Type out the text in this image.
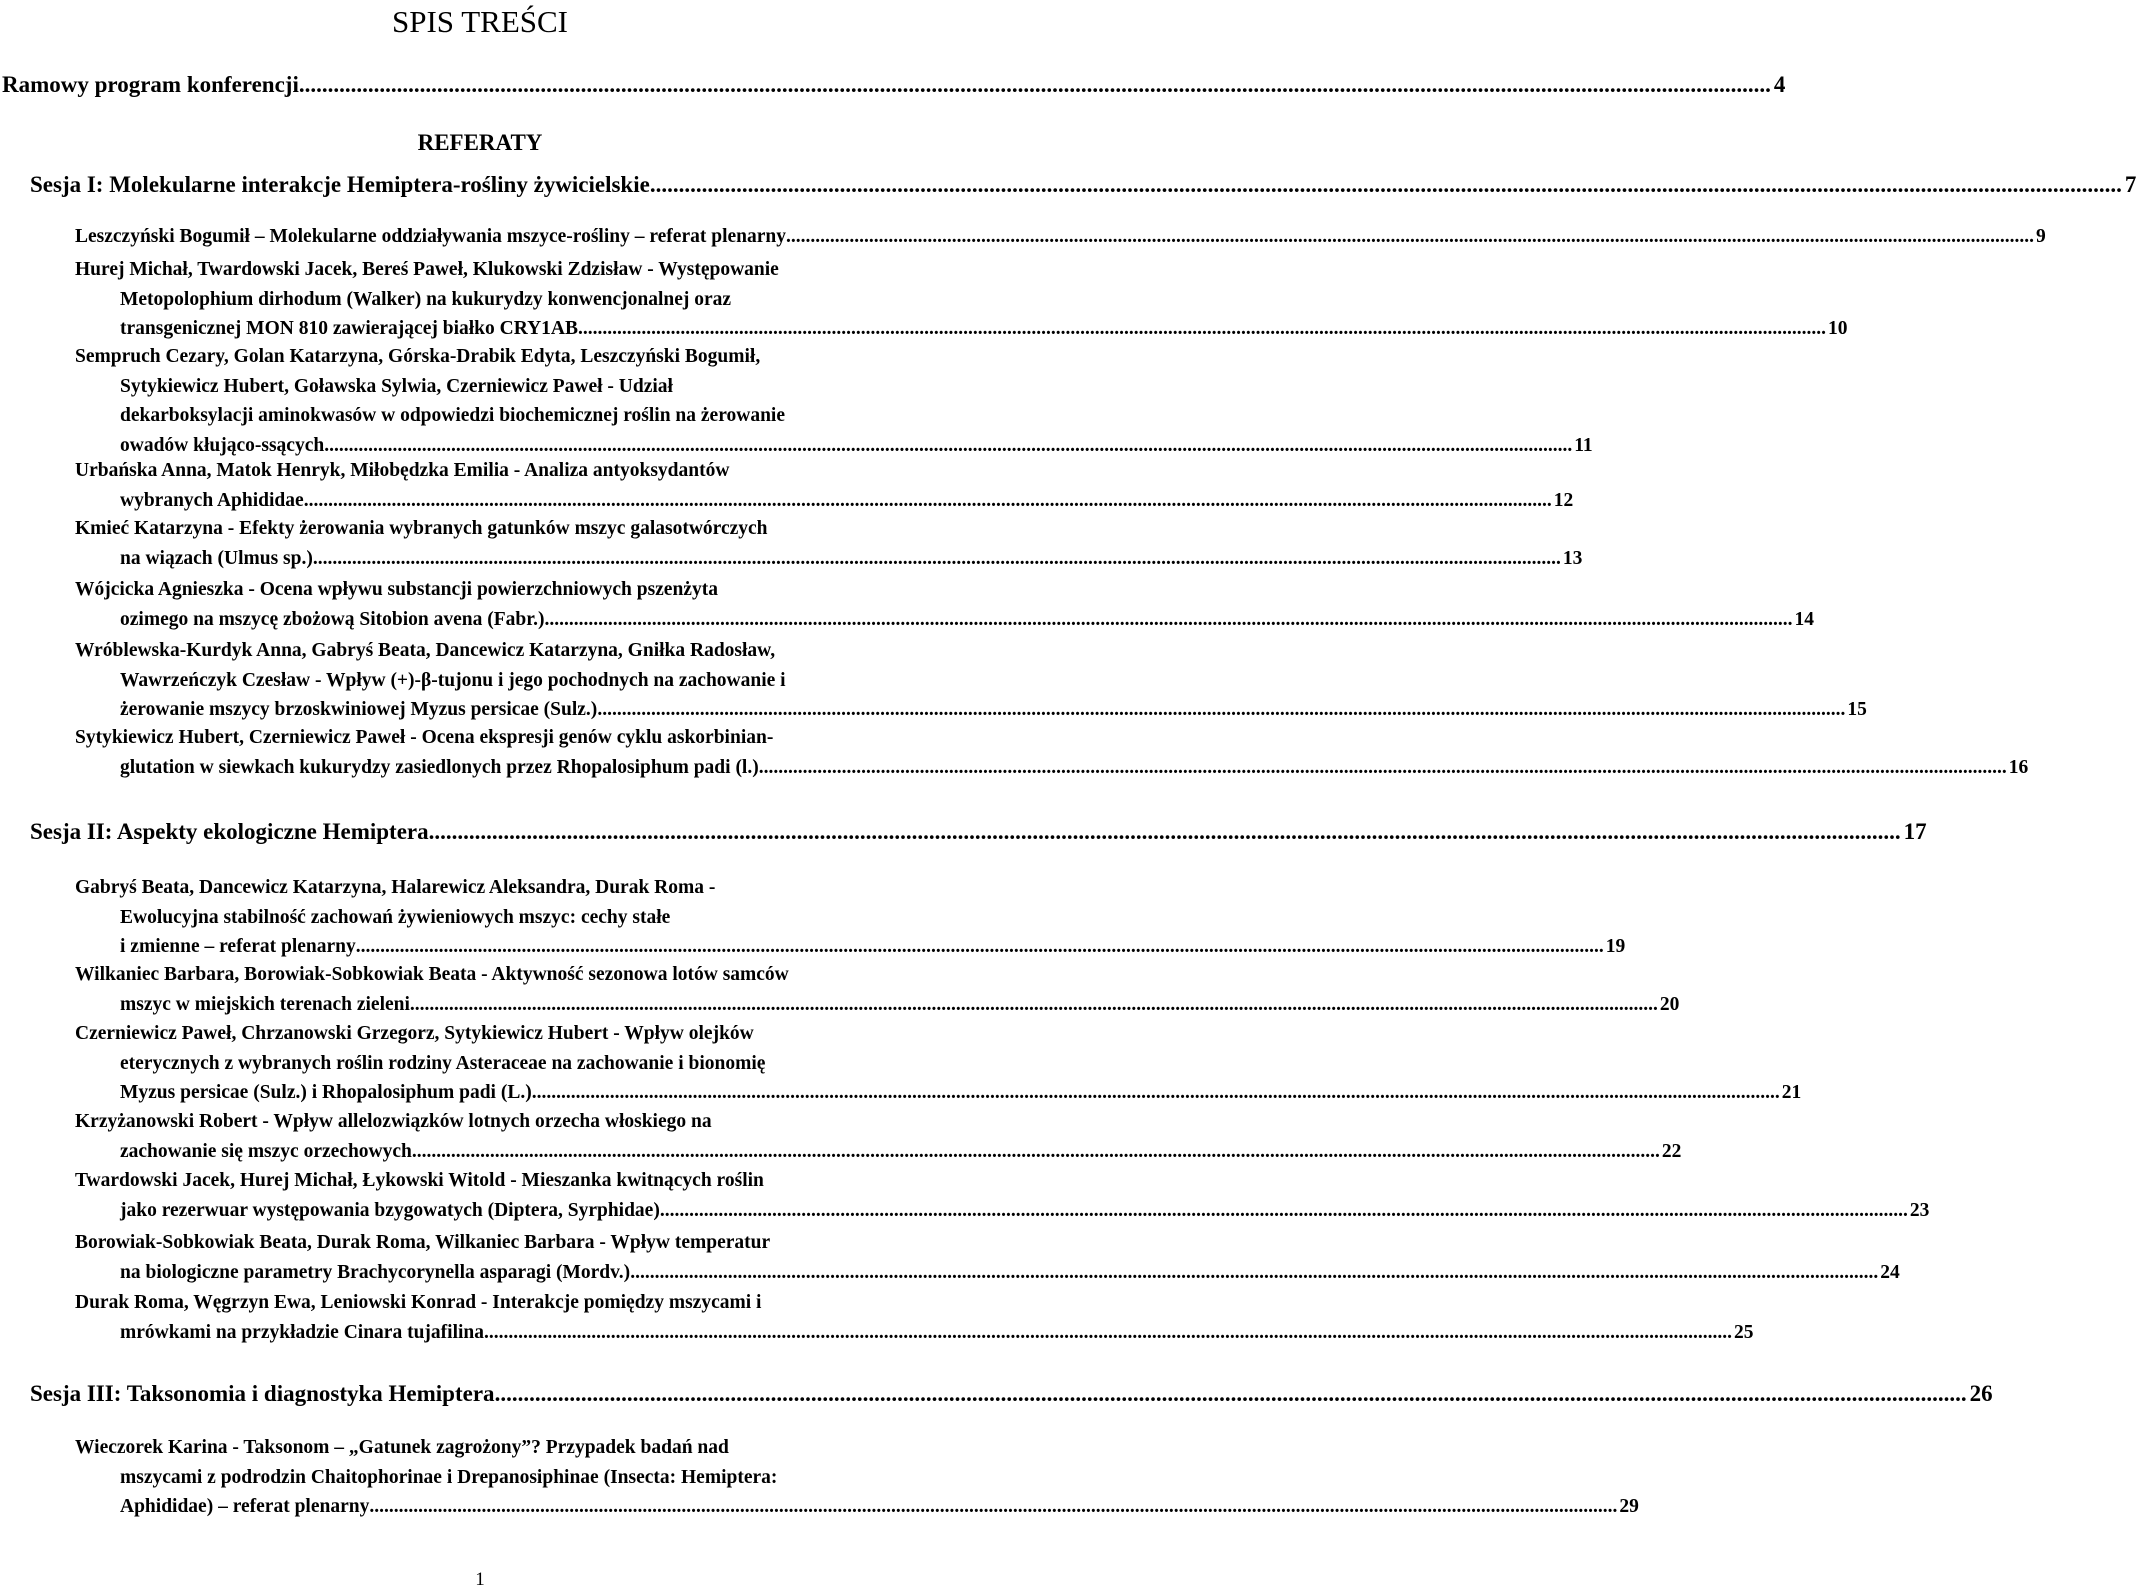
SPIS TREŚCI
Ramowy program konferencji .....	4
REFERATY
Sesja I: Molekularne interakcje Hemiptera-rośliny żywicielskie .....	7
Leszczyński Bogumił – Molekularne oddziaływania mszyce-rośliny – referat plenarny .....	9
Hurej Michał, Twardowski Jacek, Bereś Paweł, Klukowski Zdzisław - Występowanie
Metopolophium dirhodum (Walker) na kukurydzy konwencjonalnej oraz
transgenicznej MON 810 zawierającej białko CRY1AB .....	10
Sempruch Cezary, Golan Katarzyna, Górska-Drabik Edyta, Leszczyński Bogumił,
Sytykiewicz Hubert, Goławska Sylwia, Czerniewicz Paweł - Udział
dekarboksylacji aminokwasów w odpowiedzi biochemicznej roślin na żerowanie
owadów kłująco-ssących .....	11
Urbańska Anna, Matok Henryk, Miłobędzka Emilia - Analiza antyoksydantów
wybranych Aphididae .....	12
Kmieć Katarzyna - Efekty żerowania wybranych gatunków mszyc galasotwórczych
na wiązach (Ulmus sp.) .....	13
Wójcicka Agnieszka - Ocena wpływu substancji powierzchniowych pszenżyta
ozimego na mszycę zbożową Sitobion avena (Fabr.) .....	14
Wróblewska-Kurdyk Anna, Gabryś Beata, Dancewicz Katarzyna, Gniłka Radosław,
Wawrzeńczyk Czesław - Wpływ (+)-β-tujonu i jego pochodnych na zachowanie i
żerowanie mszycy brzoskwiniowej Myzus persicae (Sulz.) .....	15
Sytykiewicz Hubert, Czerniewicz Paweł - Ocena ekspresji genów cyklu askorbinian-
glutation w siewkach kukurydzy zasiedlonych przez Rhopalosiphum padi (l.) .....	16
Sesja II: Aspekty ekologiczne Hemiptera .....	17
Gabryś Beata, Dancewicz Katarzyna, Halarewicz Aleksandra, Durak Roma -
Ewolucyjna stabilność zachowań żywieniowych mszyc: cechy stałe
i zmienne – referat plenarny .....	19
Wilkaniec Barbara, Borowiak-Sobkowiak Beata - Aktywność sezonowa lotów samców
mszyc w miejskich terenach zieleni .....	20
Czerniewicz Paweł, Chrzanowski Grzegorz, Sytykiewicz Hubert - Wpływ olejków
eterycznych z wybranych roślin rodziny Asteraceae na zachowanie i bionomię
Myzus persicae (Sulz.) i Rhopalosiphum padi (L.) .....	21
Krzyżanowski Robert - Wpływ allelozwiązków lotnych orzecha włoskiego na
zachowanie się mszyc orzechowych .....	22
Twardowski Jacek, Hurej Michał, Łykowski Witold - Mieszanka kwitnących roślin
jako rezerwuar występowania bzygowatych (Diptera, Syrphidae) .....	23
Borowiak-Sobkowiak Beata, Durak Roma, Wilkaniec Barbara - Wpływ temperatur
na biologiczne parametry Brachycorynella asparagi (Mordv.) .....	24
Durak Roma, Węgrzyn Ewa, Leniowski Konrad - Interakcje pomiędzy mszycami i
mrówkami na przykładzie Cinara tujafilina .....	25
Sesja III: Taksonomia i diagnostyka Hemiptera .....	26
Wieczorek Karina - Taksonom – „Gatunek zagrożony”? Przypadek badań nad
mszycami z podrodzin Chaitophorinae i Drepanosiphinae (Insecta: Hemiptera:
Aphididae) – referat plenarny .....	29
1
